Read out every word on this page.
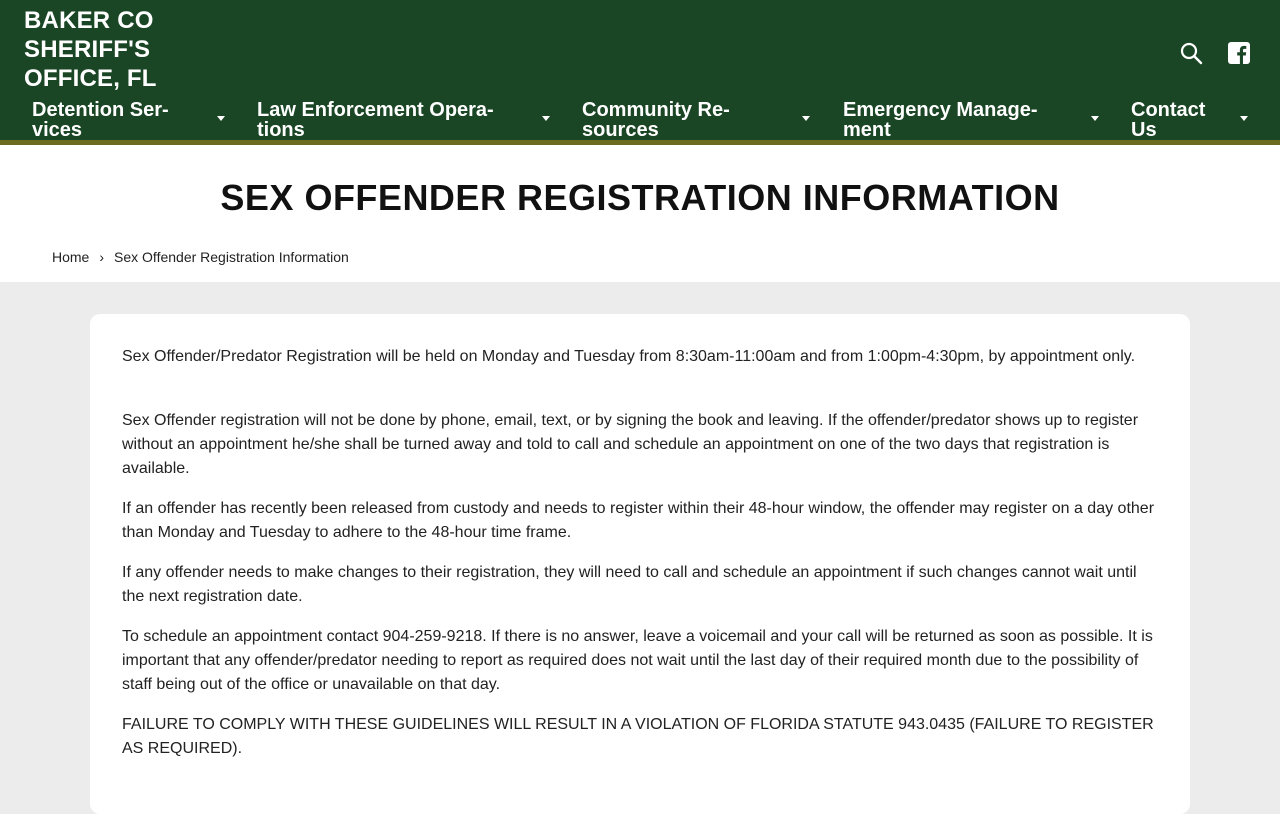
BAKER CO
SHERIFF'S
OFFICE, FL
Detention Ser-
vices
Law Enforcement Opera-
tions
Community Re-
sources
Emergency Manage-
ment
Contact
Us
SEX OFFENDER REGISTRATION INFORMATION
Home › Sex Offender Registration Information

Sex Offender/Predator Registration will be held on Monday and Tuesday from 8:30am-11:00am and from 1:00pm-4:30pm, by appointment only.

Sex Offender registration will not be done by phone, email, text, or by signing the book and leaving. If the offender/predator shows up to register without an appointment he/she shall be turned away and told to call and schedule an appointment on one of the two days that registration is available.

If an offender has recently been released from custody and needs to register within their 48-hour window, the offender may register on a day other than Monday and Tuesday to adhere to the 48-hour time frame.

If any offender needs to make changes to their registration, they will need to call and schedule an appointment if such changes cannot wait until the next registration date.

To schedule an appointment contact 904-259-9218. If there is no answer, leave a voicemail and your call will be returned as soon as possible. It is important that any offender/predator needing to report as required does not wait until the last day of their required month due to the possibility of staff being out of the office or unavailable on that day.

FAILURE TO COMPLY WITH THESE GUIDELINES WILL RESULT IN A VIOLATION OF FLORIDA STATUTE 943.0435 (FAILURE TO REGISTER AS REQUIRED).
